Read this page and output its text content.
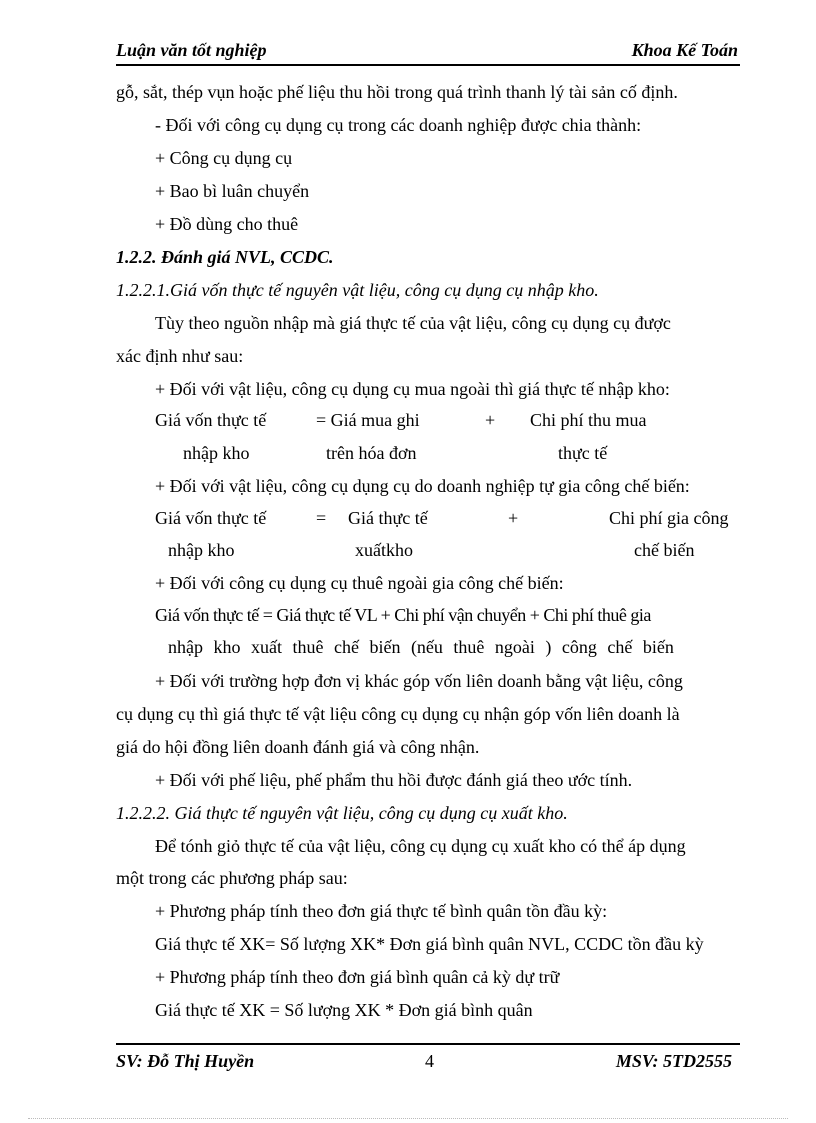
Luận văn tốt nghiệp	Khoa Kế Toán
gỗ, sắt, thép vụn hoặc phế liệu thu hồi trong quá trình thanh lý tài sản cố định.
- Đối với công cụ dụng cụ trong các doanh nghiệp được chia thành:
+ Công cụ dụng cụ
+ Bao bì luân chuyển
+ Đồ dùng cho thuê
1.2.2. Đánh giá NVL, CCDC.
1.2.2.1.Giá vốn thực tế nguyên vật liệu, công cụ dụng cụ nhập kho.
Tùy theo nguồn nhập mà giá thực tế của vật liệu, công cụ dụng cụ được
xác định như sau:
+ Đối với vật liệu, công cụ dụng cụ mua ngoài thì giá thực tế nhập kho:
Giá vốn thực tế	= Giá mua ghi	+ Chi phí thu mua
nhập kho	trên hóa đơn	thực tế
+ Đối với vật liệu, công cụ dụng cụ do doanh nghiệp tự gia công chế biến:
Giá vốn thực tế	= Giá thực tế	+	Chi phí gia công
nhập kho	xuấtkho	chế biến
+ Đối với công cụ dụng cụ thuê ngoài gia công chế biến:
Giá vốn thực tế = Giá thực tế VL + Chi phí vận chuyển + Chi phí thuê gia
nhập kho xuất thuê chế biến (nếu thuê ngoài ) công chế biến
+ Đối với trường hợp đơn vị khác góp vốn liên doanh bằng vật liệu, công
cụ dụng cụ thì giá thực tế vật liệu công cụ dụng cụ nhận góp vốn liên doanh là
giá do hội đồng liên doanh đánh giá và công nhận.
+ Đối với phế liệu, phế phẩm thu hồi được đánh giá theo ước tính.
1.2.2.2. Giá thực tế nguyên vật liệu, công cụ dụng cụ xuất kho.
Để tónh giỏ thực tế của vật liệu, công cụ dụng cụ xuất kho có thể áp dụng
một trong các phương pháp sau:
+ Phương pháp tính theo đơn giá thực tế bình quân tồn đầu kỳ:
Giá thực tế XK= Số lượng XK* Đơn giá bình quân NVL, CCDC tồn đầu kỳ
+ Phương pháp tính theo đơn giá bình quân cả kỳ dự trữ
Giá thực tế XK = Số lượng XK * Đơn giá bình quân
SV: Đỗ Thị Huyền	4	MSV: 5TD2555
